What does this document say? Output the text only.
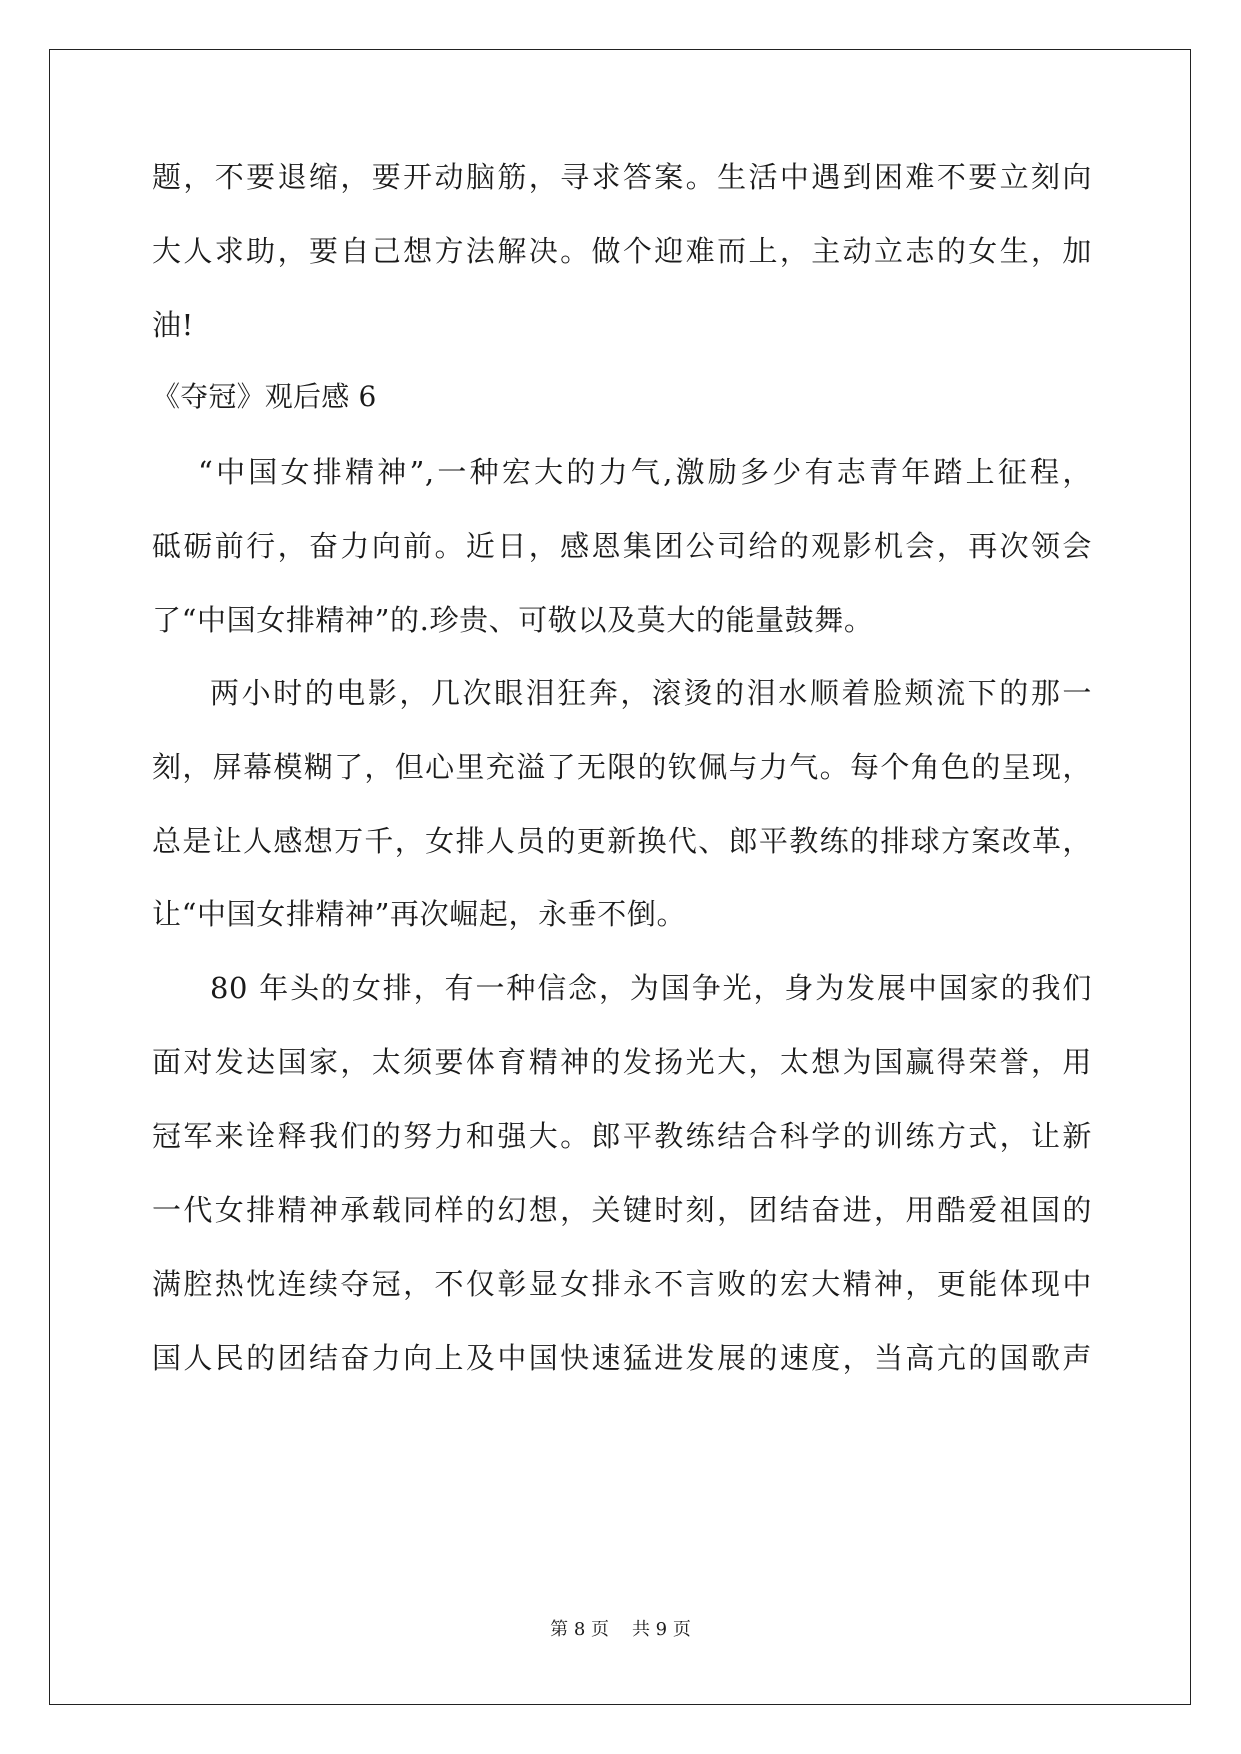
题，不要退缩，要开动脑筋，寻求答案。生活中遇到困难不要立刻向
大人求助，要自己想方法解决。做个迎难而上，主动立志的女生，加
油!
《夺冠》观后感 6
“中国女排精神”,一种宏大的力气,激励多少有志青年踏上征程，
砥砺前行，奋力向前。近日，感恩集团公司给的观影机会，再次领会
了“中国女排精神”的.珍贵、可敬以及莫大的能量鼓舞。
两小时的电影，几次眼泪狂奔，滚烫的泪水顺着脸颊流下的那一
刻，屏幕模糊了，但心里充溢了无限的钦佩与力气。每个角色的呈现，
总是让人感想万千，女排人员的更新换代、郎平教练的排球方案改革，
让“中国女排精神”再次崛起，永垂不倒。
80 年头的女排，有一种信念，为国争光，身为发展中国家的我们
面对发达国家，太须要体育精神的发扬光大，太想为国赢得荣誉，用
冠军来诠释我们的努力和强大。郎平教练结合科学的训练方式，让新
一代女排精神承载同样的幻想，关键时刻，团结奋进，用酷爱祖国的
满腔热忱连续夺冠，不仅彰显女排永不言败的宏大精神，更能体现中
国人民的团结奋力向上及中国快速猛进发展的速度，当高亢的国歌声
第 8 页 共 9 页
